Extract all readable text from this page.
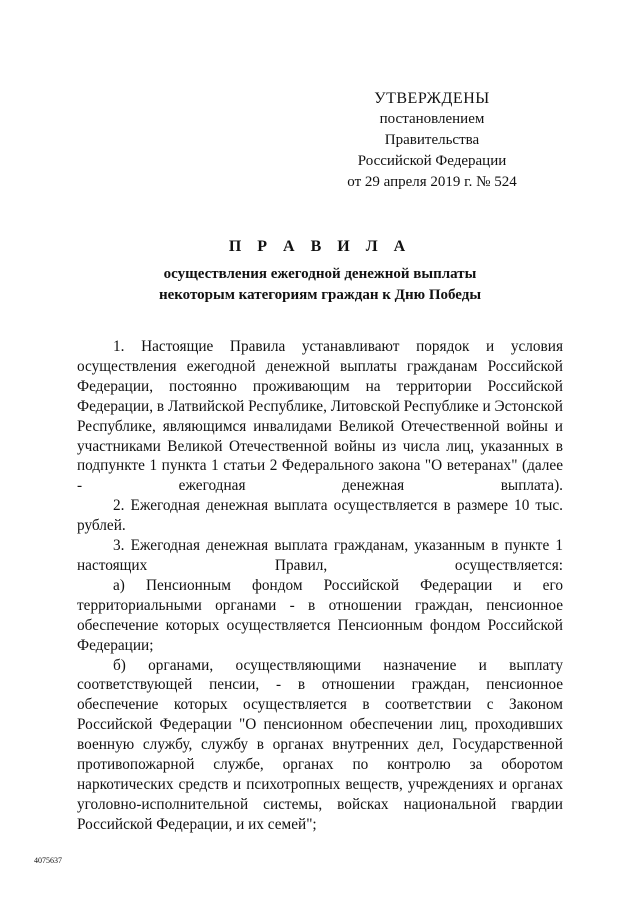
УТВЕРЖДЕНЫ
постановлением Правительства
Российской Федерации
от 29 апреля 2019 г. № 524
П Р А В И Л А
осуществления ежегодной денежной выплаты
некоторым категориям граждан к Дню Победы

1. Настоящие Правила устанавливают порядок и условия осуществления ежегодной денежной выплаты гражданам Российской Федерации, постоянно проживающим на территории Российской Федерации, в Латвийской Республике, Литовской Республике и Эстонской Республике, являющимся инвалидами Великой Отечественной войны и участниками Великой Отечественной войны из числа лиц, указанных в подпункте 1 пункта 1 статьи 2 Федерального закона "О ветеранах" (далее - ежегодная денежная выплата).

2. Ежегодная денежная выплата осуществляется в размере 10 тыс. рублей.

3. Ежегодная денежная выплата гражданам, указанным в пункте 1 настоящих Правил, осуществляется:

а) Пенсионным фондом Российской Федерации и его территориальными органами - в отношении граждан, пенсионное обеспечение которых осуществляется Пенсионным фондом Российской Федерации;

б) органами, осуществляющими назначение и выплату соответствующей пенсии, - в отношении граждан, пенсионное обеспечение которых осуществляется в соответствии с Законом Российской Федерации "О пенсионном обеспечении лиц, проходивших военную службу, службу в органах внутренних дел, Государственной противопожарной службе, органах по контролю за оборотом наркотических средств и психотропных веществ, учреждениях и органах уголовно-исполнительной системы, войсках национальной гвардии Российской Федерации, и их семей";

4075637
